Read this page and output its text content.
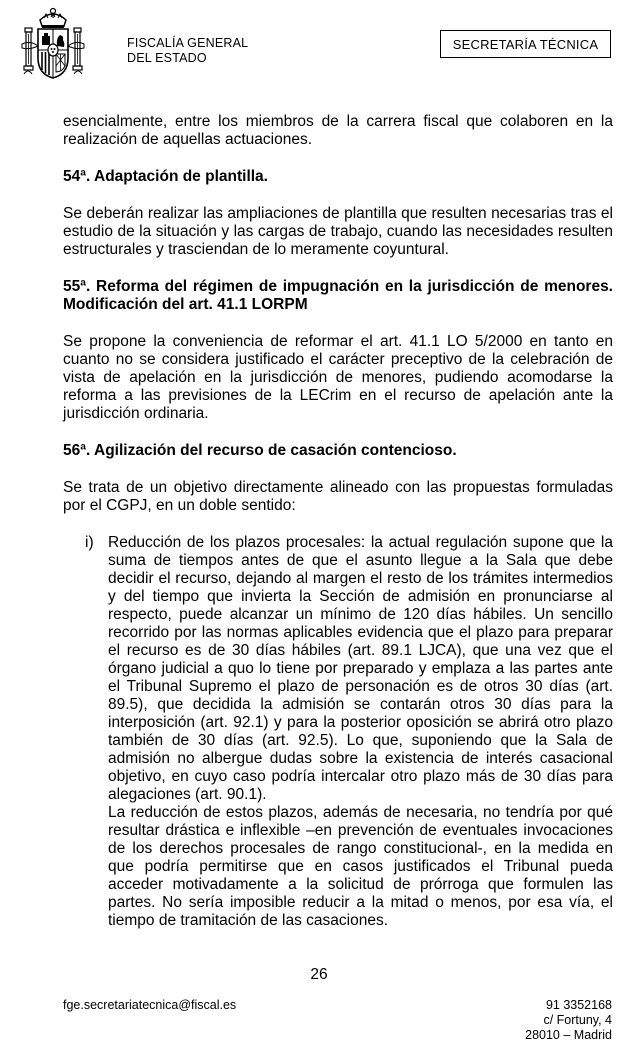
FISCALÍA GENERAL
DEL ESTADO
SECRETARÍA TÉCNICA

esencialmente, entre los miembros de la carrera fiscal que colaboren en la realización de aquellas actuaciones.

54ª. Adaptación de plantilla.

Se deberán realizar las ampliaciones de plantilla que resulten necesarias tras el estudio de la situación y las cargas de trabajo, cuando las necesidades resulten estructurales y trasciendan de lo meramente coyuntural.

55ª. Reforma del régimen de impugnación en la jurisdicción de menores. Modificación del art. 41.1 LORPM

Se propone la conveniencia de reformar el art. 41.1 LO 5/2000 en tanto en cuanto no se considera justificado el carácter preceptivo de la celebración de vista de apelación en la jurisdicción de menores, pudiendo acomodarse la reforma a las previsiones de la LECrim en el recurso de apelación ante la jurisdicción ordinaria.

56ª. Agilización del recurso de casación contencioso.

Se trata de un objetivo directamente alineado con las propuestas formuladas por el CGPJ, en un doble sentido:

i) Reducción de los plazos procesales: la actual regulación supone que la suma de tiempos antes de que el asunto llegue a la Sala que debe decidir el recurso, dejando al margen el resto de los trámites intermedios y del tiempo que invierta la Sección de admisión en pronunciarse al respecto, puede alcanzar un mínimo de 120 días hábiles. Un sencillo recorrido por las normas aplicables evidencia que el plazo para preparar el recurso es de 30 días hábiles (art. 89.1 LJCA), que una vez que el órgano judicial a quo lo tiene por preparado y emplaza a las partes ante el Tribunal Supremo el plazo de personación es de otros 30 días (art. 89.5), que decidida la admisión se contarán otros 30 días para la interposición (art. 92.1) y para la posterior oposición se abrirá otro plazo también de 30 días (art. 92.5). Lo que, suponiendo que la Sala de admisión no albergue dudas sobre la existencia de interés casacional objetivo, en cuyo caso podría intercalar otro plazo más de 30 días para alegaciones (art. 90.1).

La reducción de estos plazos, además de necesaria, no tendría por qué resultar drástica e inflexible –en prevención de eventuales invocaciones de los derechos procesales de rango constitucional-, en la medida en que podría permitirse que en casos justificados el Tribunal pueda acceder motivadamente a la solicitud de prórroga que formulen las partes. No sería imposible reducir a la mitad o menos, por esa vía, el tiempo de tramitación de las casaciones.

26
fge.secretariatecnica@fiscal.es	91 3352168
c/ Fortuny, 4
28010 – Madrid
